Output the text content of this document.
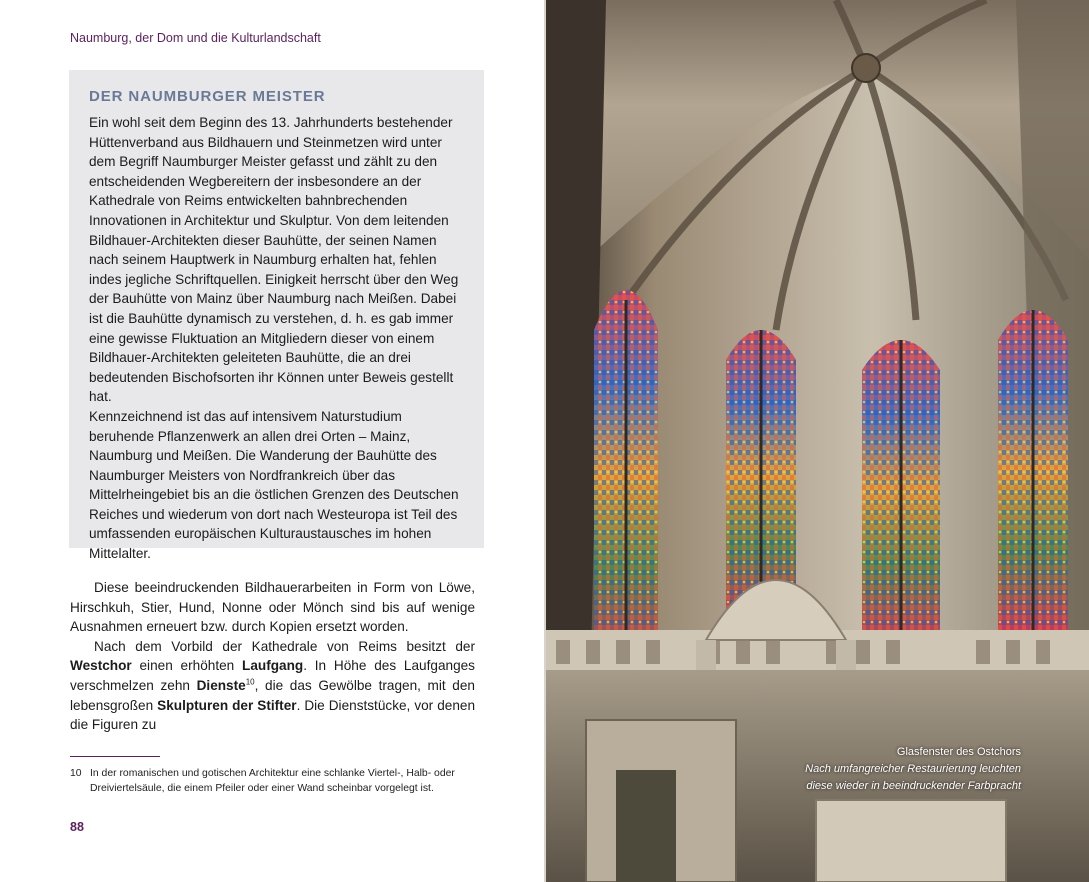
Naumburg, der Dom und die Kulturlandschaft
DER NAUMBURGER MEISTER

Ein wohl seit dem Beginn des 13. Jahrhunderts bestehender Hüttenverband aus Bildhauern und Steinmetzen wird unter dem Begriff Naumburger Meister gefasst und zählt zu den entscheidenden Wegbereitern der insbesondere an der Kathedrale von Reims entwickelten bahnbrechenden Innovationen in Architektur und Skulptur. Von dem leitenden Bildhauer-Architekten dieser Bauhütte, der seinen Namen nach seinem Hauptwerk in Naumburg erhalten hat, fehlen indes jegliche Schriftquellen. Einigkeit herrscht über den Weg der Bauhütte von Mainz über Naumburg nach Meißen. Dabei ist die Bauhütte dynamisch zu verstehen, d. h. es gab immer eine gewisse Fluktuation an Mitgliedern dieser von einem Bildhauer-Architekten geleiteten Bauhütte, die an drei bedeutenden Bischofsorten ihr Können unter Beweis gestellt hat.

Kennzeichnend ist das auf intensivem Naturstudium beruhende Pflanzenwerk an allen drei Orten – Mainz, Naumburg und Meißen. Die Wanderung der Bauhütte des Naumburger Meisters von Nordfrankreich über das Mittelrheingebiet bis an die östlichen Grenzen des Deutschen Reiches und wiederum von dort nach Westeuropa ist Teil des umfassenden europäischen Kulturaustausches im hohen Mittelalter.

Diese beeindruckenden Bildhauerarbeiten in Form von Löwe, Hirschkuh, Stier, Hund, Nonne oder Mönch sind bis auf wenige Ausnahmen erneuert bzw. durch Kopien ersetzt worden.

Nach dem Vorbild der Kathedrale von Reims besitzt der Westchor einen erhöhten Laufgang. In Höhe des Laufganges verschmelzen zehn Dienste$^{10}$, die das Gewölbe tragen, mit den lebensgroßen Skulpturen der Stifter. Die Dienststücke, vor denen die Figuren zu

10 In der romanischen und gotischen Architektur eine schlanke Viertel-, Halb- oder Dreiviertelsäule, die einem Pfeiler oder einer Wand scheinbar vorgelegt ist.
88
Glasfenster des Ostchors
Nach umfangreicher Restaurierung leuchten
diese wieder in beeindruckender Farbpracht
